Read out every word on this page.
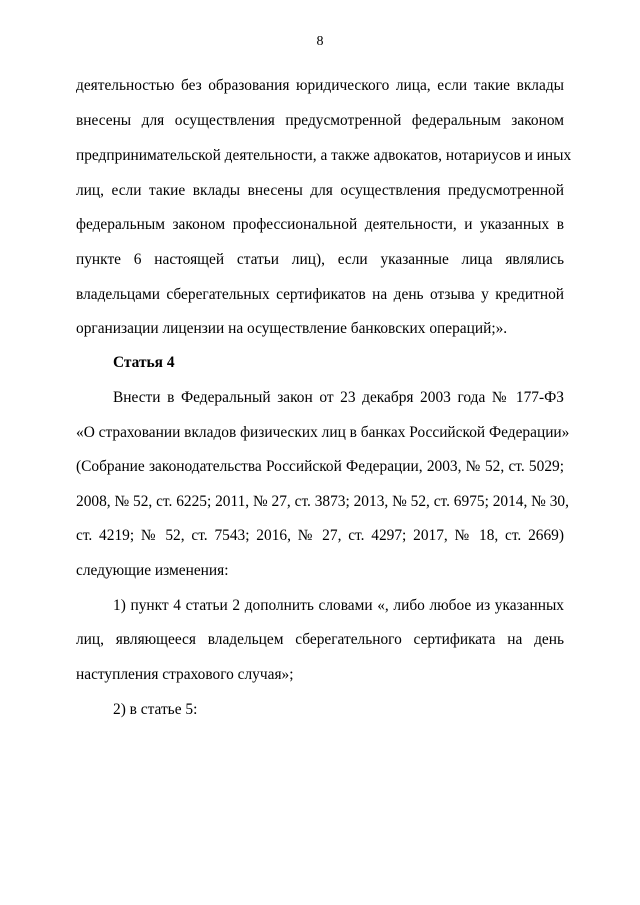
8
деятельностью без образования юридического лица, если такие вклады
внесены для осуществления предусмотренной федеральным законом
предпринимательской деятельности, а также адвокатов, нотариусов и иных
лиц, если такие вклады внесены для осуществления предусмотренной
федеральным законом профессиональной деятельности, и указанных в
пункте 6 настоящей статьи лиц), если указанные лица являлись
владельцами сберегательных сертификатов на день отзыва у кредитной
организации лицензии на осуществление банковских операций;».
Статья 4
Внести в Федеральный закон от 23 декабря 2003 года № 177-ФЗ
«О страховании вкладов физических лиц в банках Российской Федерации»
(Собрание законодательства Российской Федерации, 2003, № 52, ст. 5029;
2008, № 52, ст. 6225; 2011, № 27, ст. 3873; 2013, № 52, ст. 6975; 2014, № 30,
ст. 4219; № 52, ст. 7543; 2016, № 27, ст. 4297; 2017, № 18, ст. 2669)
следующие изменения:
1) пункт 4 статьи 2 дополнить словами «, либо любое из указанных
лиц, являющееся владельцем сберегательного сертификата на день
наступления страхового случая»;
2) в статье 5:
